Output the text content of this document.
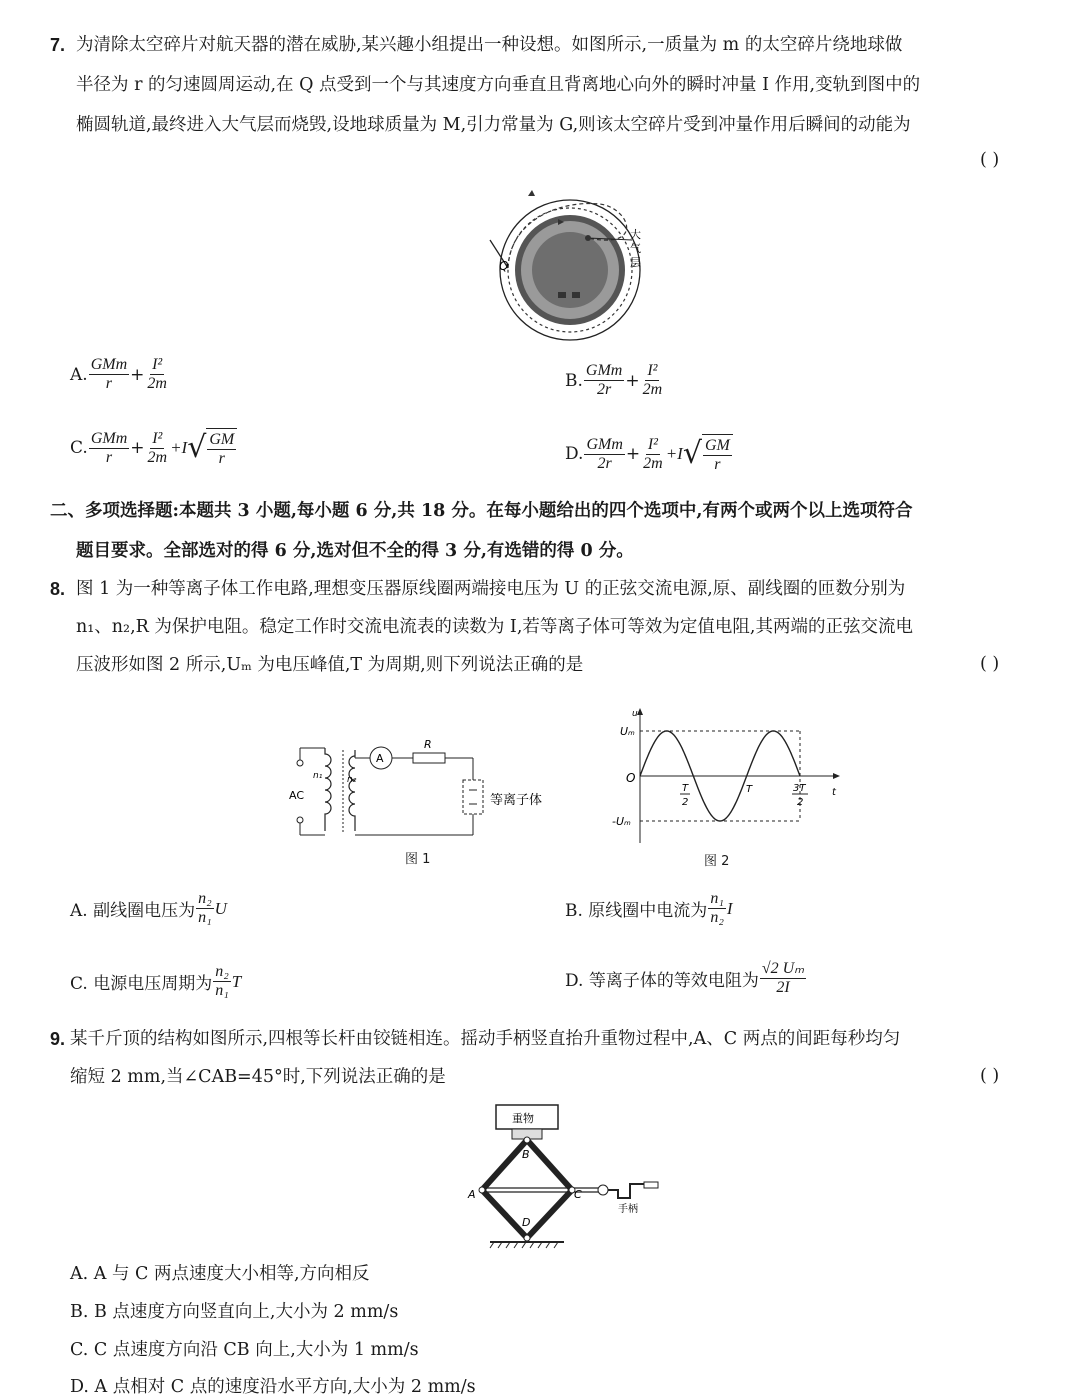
7. 为清除太空碎片对航天器的潜在威胁,某兴趣小组提出一种设想。如图所示,一质量为 m 的太空碎片绕地球做
半径为 r 的匀速圆周运动,在 Q 点受到一个与其速度方向垂直且背离地心向外的瞬时冲量 I 作用,变轨到图中的
椭圆轨道,最终进入大气层而烧毁,设地球质量为 M,引力常量为 G,则该太空碎片受到冲量作用后瞬间的动能为
( )
Q
大
气
层
A. $\frac{\text{GMm}}{r} + \frac{\text{I²}}{2m}$	B. $\frac{\text{GMm}}{2r} + \frac{\text{I²}}{2m}$
C. $\frac{\text{GMm}}{r} + \frac{\text{I²}}{2m} +I$ √ $\frac{GM}{r}$	D. $\frac{\text{GMm}}{2r} + \frac{\text{I²}}{2m} +I$ √ $\frac{GM}{r}$
二、多项选择题:本题共 3 小题,每小题 6 分,共 18 分。在每小题给出的四个选项中,有两个或两个以上选项符合
题目要求。全部选对的得 6 分,选对但不全的得 3 分,有选错的得 0 分。
8. 图 1 为一种等离子体工作电路,理想变压器原线圈两端接电压为 U 的正弦交流电源,原、副线圈的匝数分别为
n₁、n₂,R 为保护电阻。稳定工作时交流电流表的读数为 I,若等离子体可等效为定值电阻,其两端的正弦交流电
压波形如图 2 所示,Uₘ 为电压峰值,T 为周期,则下列说法正确的是	( )
AC
n₁	n₂
A
R
等离子体
图 1
u
t
O
Uₘ
-Uₘ
T
2
T	3T
2
图 2
A. 副线圈电压为 $\frac{\text{n₂}}{\text{n₁}}$ U	B. 原线圈中电流为 $\frac{\text{n₁}}{\text{n₂}}$ I
C. 电源电压周期为 $\frac{\text{n₂}}{\text{n₁}}$ T	D. 等离子体的等效电阻为 $\frac{\text{√2 Uₘ}}{2I}$
9. 某千斤顶的结构如图所示,四根等长杆由铰链相连。摇动手柄竖直抬升重物过程中,A、C 两点的间距每秒均匀
缩短 2 mm,当∠CAB=45°时,下列说法正确的是	( )
重物
B
A	C
D
手柄
A. A 与 C 两点速度大小相等,方向相反
B. B 点速度方向竖直向上,大小为 2 mm/s
C. C 点速度方向沿 CB 向上,大小为 1 mm/s
D. A 点相对 C 点的速度沿水平方向,大小为 2 mm/s
